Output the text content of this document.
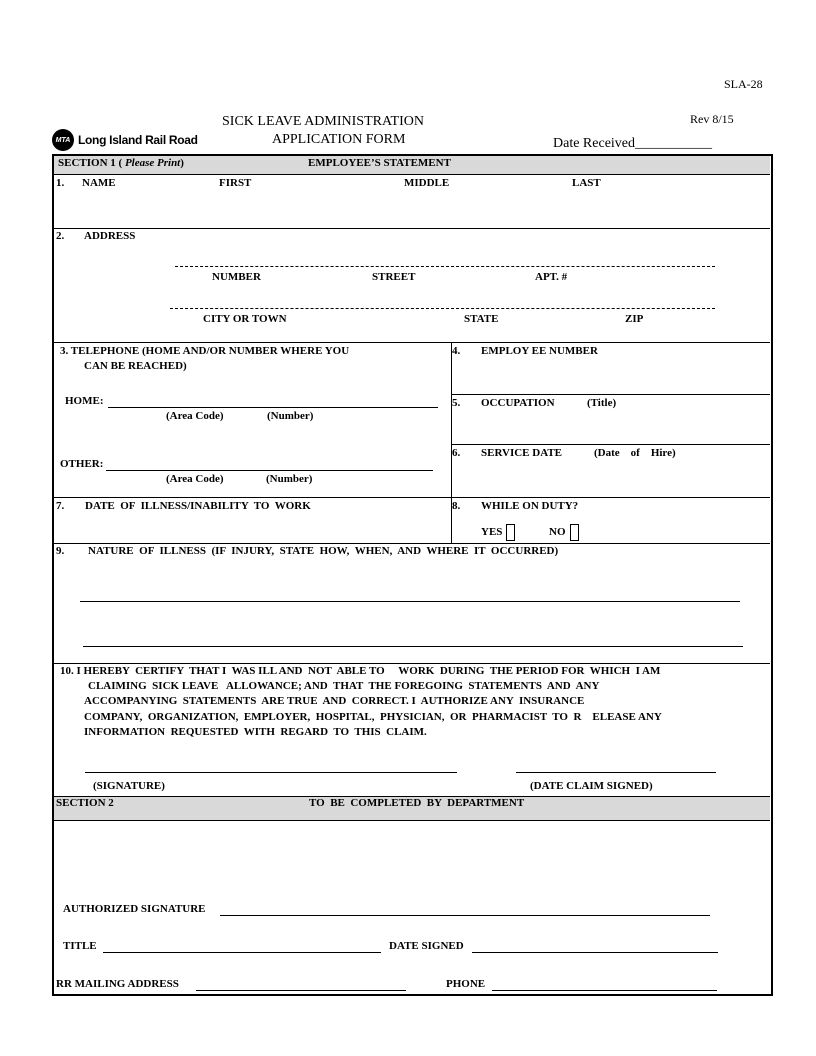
SLA-28
Rev 8/15
MTA Long Island Rail Road
SICK LEAVE ADMINISTRATION
APPLICATION FORM	Date Received___________
SECTION 1 ( Please Print)	EMPLOYEE’S STATEMENT
1. NAME	FIRST	MIDDLE	LAST
2. ADDRESS
NUMBER	STREET	APT. #
CITY OR TOWN	STATE	ZIP
3. TELEPHONE (HOME AND/OR NUMBER WHERE YOU
CAN BE REACHED)
HOME:
(Area Code)	(Number)
OTHER:
(Area Code)	(Number)
4. EMPLOY EE NUMBER
5. OCCUPATION	(Title)
6. SERVICE DATE	(Date    of    Hire)
7. DATE  OF  ILLNESS/INABILITY  TO  WORK	8. WHILE ON DUTY?
YES	NO
9. NATURE  OF  ILLNESS  (IF  INJURY,  STATE  HOW,  WHEN,  AND  WHERE  IT  OCCURRED)
10. I HEREBY  CERTIFY  THAT I  WAS ILL AND  NOT  ABLE TO     WORK  DURING  THE PERIOD FOR  WHICH  I AM
CLAIMING  SICK LEAVE   ALLOWANCE; AND  THAT  THE FOREGOING  STATEMENTS  AND  ANY
ACCOMPANYING  STATEMENTS  ARE TRUE  AND  CORRECT. I  AUTHORIZE ANY  INSURANCE
COMPANY,  ORGANIZATION,  EMPLOYER,  HOSPITAL,  PHYSICIAN,  OR  PHARMACIST  TO  R    ELEASE ANY
INFORMATION  REQUESTED  WITH  REGARD  TO  THIS  CLAIM.
(SIGNATURE)	(DATE CLAIM SIGNED)
SECTION 2	TO  BE  COMPLETED  BY  DEPARTMENT
AUTHORIZED SIGNATURE
TITLE	DATE SIGNED
RR MAILING ADDRESS	PHONE
